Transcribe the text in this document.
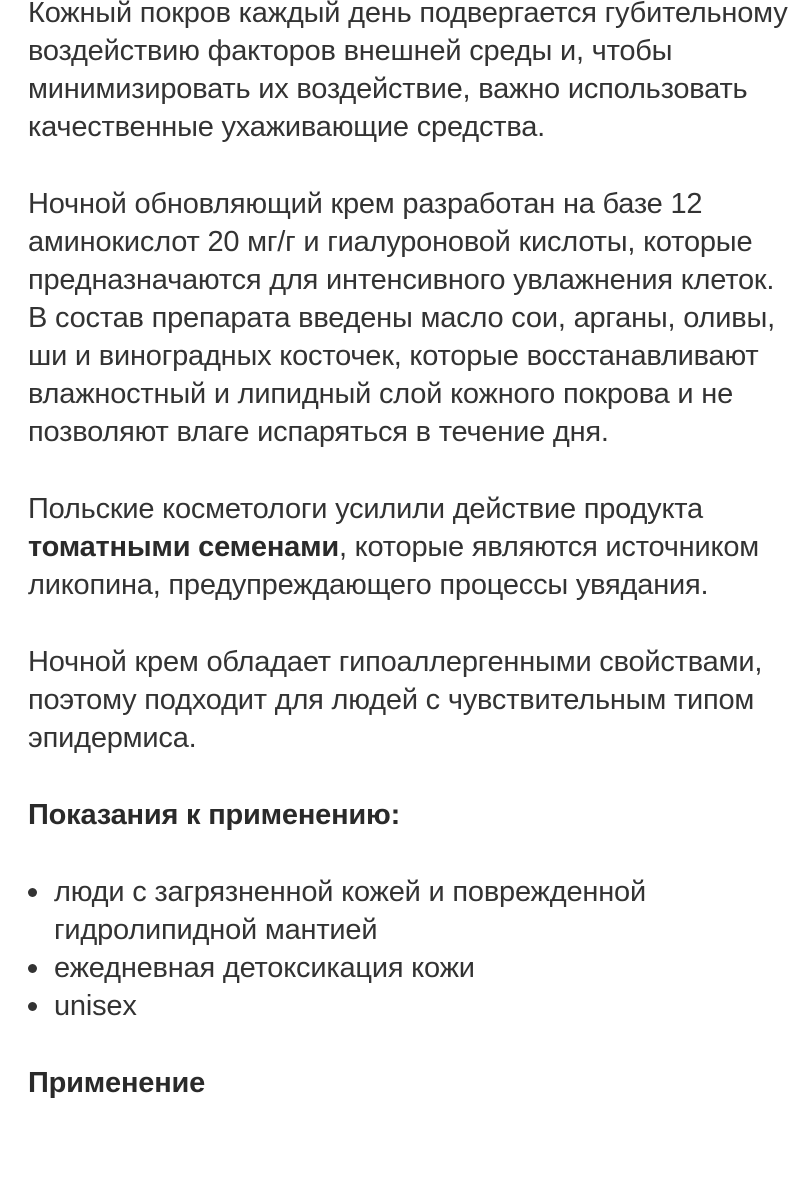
Кожный покров каждый день подвергается губительному воздействию факторов внешней среды и, чтобы минимизировать их воздействие, важно использовать качественные ухаживающие средства.

Ночной обновляющий крем разработан на базе 12 аминокислот 20 мг/г и гиалуроновой кислоты, которые предназначаются для интенсивного увлажнения клеток. В состав препарата введены масло сои, арганы, оливы, ши и виноградных косточек, которые восстанавливают влажностный и липидный слой кожного покрова и не позволяют влаге испаряться в течение дня.

Польские косметологи усилили действие продукта томатными семенами, которые являются источником ликопина, предупреждающего процессы увядания.

Ночной крем обладает гипоаллергенными свойствами, поэтому подходит для людей с чувствительным типом эпидермиса.

Показания к применению:
люди с загрязненной кожей и поврежденной гидролипидной мантией
ежедневная детоксикация кожи
unisex
Применение
